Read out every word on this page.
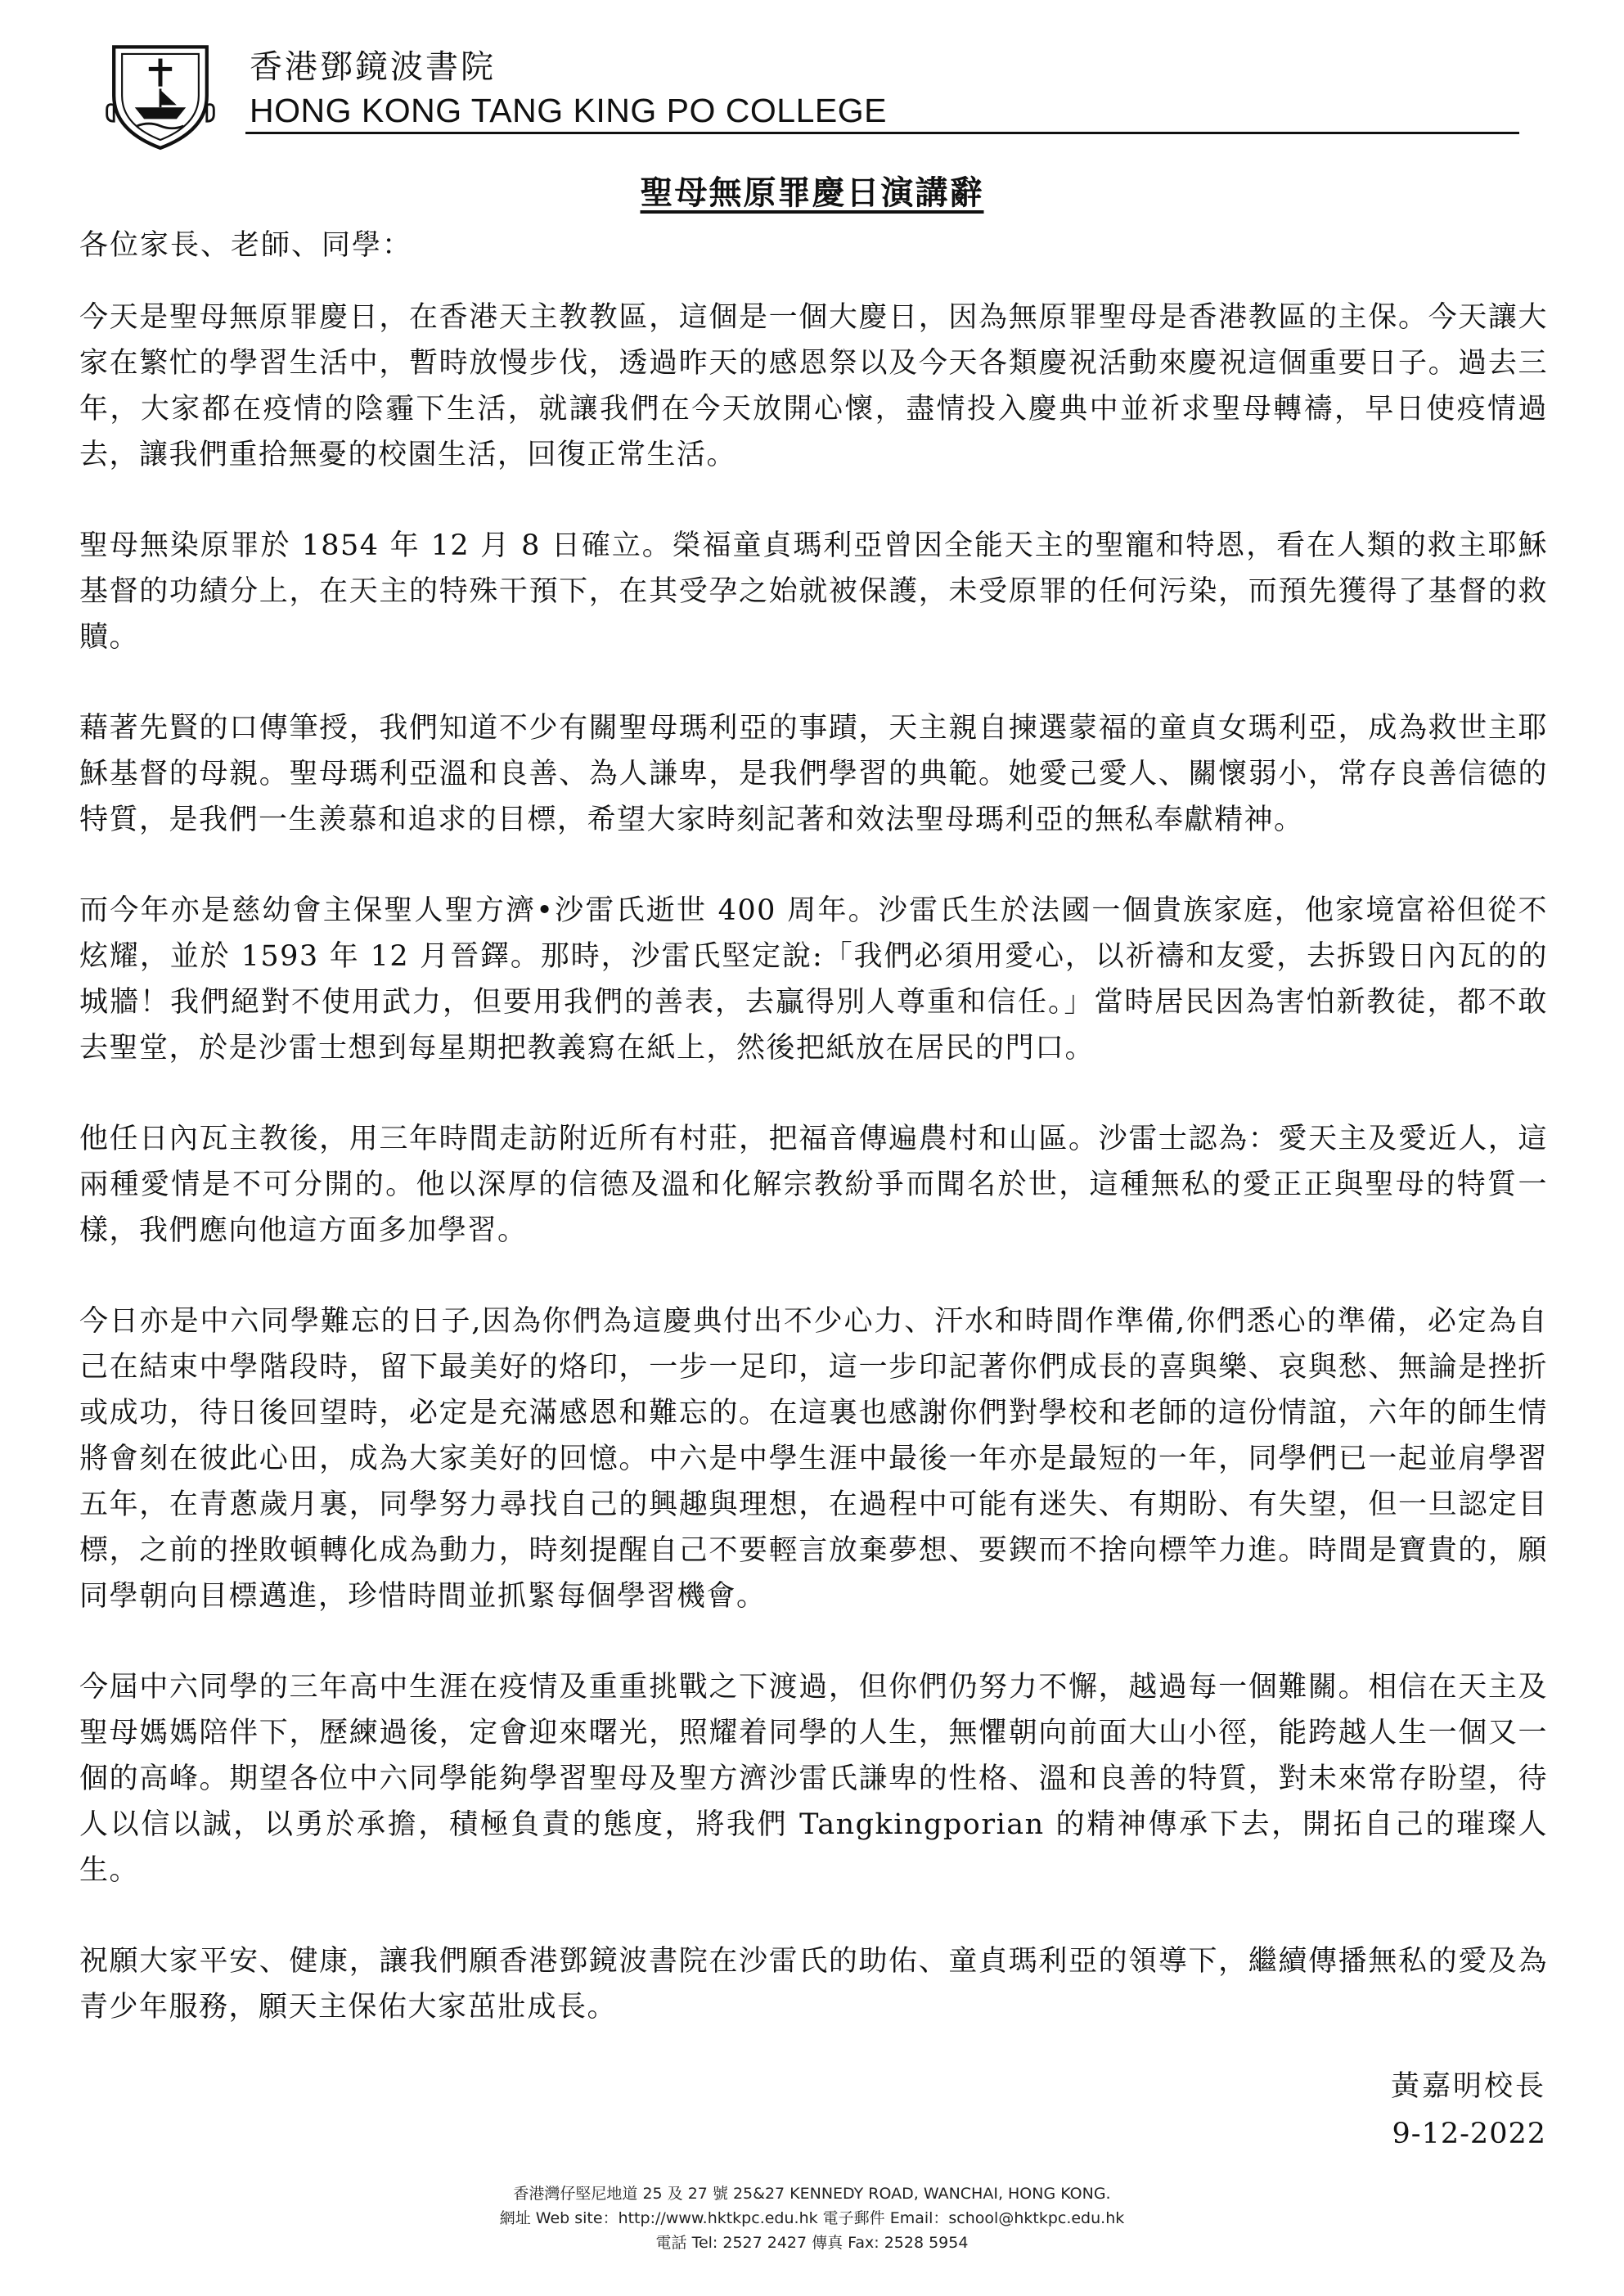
香港鄧鏡波書院
HONG KONG TANG KING PO COLLEGE
聖母無原罪慶日演講辭
各位家長、老師、同學：

今天是聖母無原罪慶日，在香港天主教教區，這個是一個大慶日，因為無原罪聖母是香港教區的主保。今天讓大家在繁忙的學習生活中，暫時放慢步伐，透過昨天的感恩祭以及今天各類慶祝活動來慶祝這個重要日子。過去三年，大家都在疫情的陰霾下生活，就讓我們在今天放開心懷，盡情投入慶典中並祈求聖母轉禱，早日使疫情過去，讓我們重拾無憂的校園生活，回復正常生活。

聖母無染原罪於 1854 年 12 月 8 日確立。榮福童貞瑪利亞曾因全能天主的聖寵和特恩，看在人類的救主耶穌基督的功績分上，在天主的特殊干預下，在其受孕之始就被保護，未受原罪的任何污染，而預先獲得了基督的救贖。

藉著先賢的口傳筆授，我們知道不少有關聖母瑪利亞的事蹟，天主親自揀選蒙福的童貞女瑪利亞，成為救世主耶穌基督的母親。聖母瑪利亞溫和良善、為人謙卑，是我們學習的典範。她愛己愛人、關懷弱小，常存良善信德的特質，是我們一生羨慕和追求的目標，希望大家時刻記著和效法聖母瑪利亞的無私奉獻精神。

而今年亦是慈幼會主保聖人聖方濟•沙雷氏逝世 400 周年。沙雷氏生於法國一個貴族家庭，他家境富裕但從不炫耀，並於 1593 年 12 月晉鐸。那時，沙雷氏堅定說:「我們必須用愛心，以祈禱和友愛，去拆毀日內瓦的的城牆！我們絕對不使用武力，但要用我們的善表，去贏得別人尊重和信任。」當時居民因為害怕新教徒，都不敢去聖堂，於是沙雷士想到每星期把教義寫在紙上，然後把紙放在居民的門口。

他任日內瓦主教後，用三年時間走訪附近所有村莊，把福音傳遍農村和山區。沙雷士認為：愛天主及愛近人，這兩種愛情是不可分開的。他以深厚的信德及溫和化解宗教紛爭而聞名於世，這種無私的愛正正與聖母的特質一樣，我們應向他這方面多加學習。

今日亦是中六同學難忘的日子,因為你們為這慶典付出不少心力、汗水和時間作準備,你們悉心的準備，必定為自己在結束中學階段時，留下最美好的烙印，一步一足印，這一步印記著你們成長的喜與樂、哀與愁、無論是挫折或成功，待日後回望時，必定是充滿感恩和難忘的。在這裏也感謝你們對學校和老師的這份情誼，六年的師生情將會刻在彼此心田，成為大家美好的回憶。中六是中學生涯中最後一年亦是最短的一年，同學們已一起並肩學習五年，在青蔥歲月裏，同學努力尋找自己的興趣與理想，在過程中可能有迷失、有期盼、有失望，但一旦認定目標，之前的挫敗頓轉化成為動力，時刻提醒自己不要輕言放棄夢想、要鍥而不捨向標竿力進。時間是寶貴的，願同學朝向目標邁進，珍惜時間並抓緊每個學習機會。

今屆中六同學的三年高中生涯在疫情及重重挑戰之下渡過，但你們仍努力不懈，越過每一個難關。相信在天主及聖母媽媽陪伴下，歷練過後，定會迎來曙光，照耀着同學的人生，無懼朝向前面大山小徑，能跨越人生一個又一個的高峰。期望各位中六同學能夠學習聖母及聖方濟沙雷氏謙卑的性格、溫和良善的特質，對未來常存盼望，待人以信以誠，以勇於承擔，積極負責的態度，將我們 Tangkingporian 的精神傳承下去，開拓自己的璀璨人生。

祝願大家平安、健康，讓我們願香港鄧鏡波書院在沙雷氏的助佑、童貞瑪利亞的領導下，繼續傳播無私的愛及為青少年服務，願天主保佑大家茁壯成長。

黃嘉明校長
9-12-2022
香港灣仔堅尼地道 25 及 27 號 25&27 KENNEDY ROAD, WANCHAI, HONG KONG.
網址 Web site：http://www.hktkpc.edu.hk 電子郵件 Email：school@hktkpc.edu.hk
電話 Tel: 2527 2427 傳真 Fax: 2528 5954
